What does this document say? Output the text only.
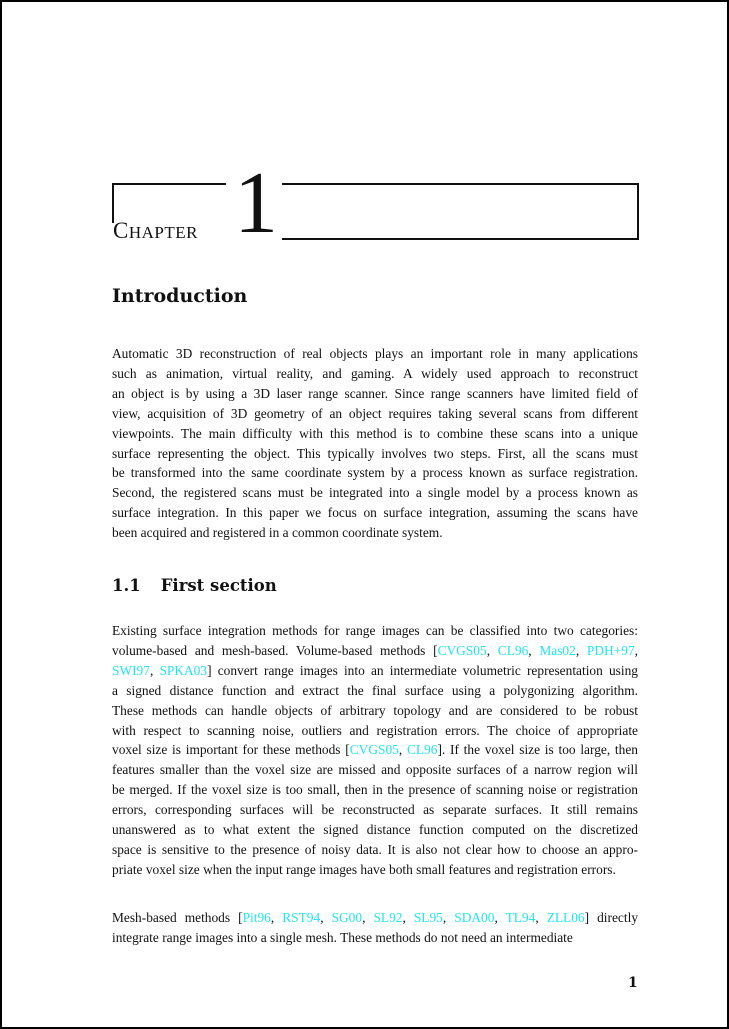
CHAPTER 1
Introduction
1.1 First section
Automatic 3D reconstruction of real objects plays an important role in many applications
such as animation, virtual reality, and gaming. A widely used approach to reconstruct
an object is by using a 3D laser range scanner. Since range scanners have limited field of
view, acquisition of 3D geometry of an object requires taking several scans from different
viewpoints. The main difficulty with this method is to combine these scans into a unique
surface representing the object. This typically involves two steps. First, all the scans must
be transformed into the same coordinate system by a process known as surface registration.
Second, the registered scans must be integrated into a single model by a process known as
surface integration. In this paper we focus on surface integration, assuming the scans have
been acquired and registered in a common coordinate system.
Existing surface integration methods for range images can be classified into two categories:
volume-based and mesh-based. Volume-based methods [CVGS05, CL96, Mas02, PDH+97,
SWI97, SPKA03] convert range images into an intermediate volumetric representation using
a signed distance function and extract the final surface using a polygonizing algorithm.
These methods can handle objects of arbitrary topology and are considered to be robust
with respect to scanning noise, outliers and registration errors. The choice of appropriate
voxel size is important for these methods [CVGS05, CL96]. If the voxel size is too large, then
features smaller than the voxel size are missed and opposite surfaces of a narrow region will
be merged. If the voxel size is too small, then in the presence of scanning noise or registration
errors, corresponding surfaces will be reconstructed as separate surfaces. It still remains
unanswered as to what extent the signed distance function computed on the discretized
space is sensitive to the presence of noisy data. It is also not clear how to choose an appro-
priate voxel size when the input range images have both small features and registration errors.
Mesh-based methods [Pit96, RST94, SG00, SL92, SL95, SDA00, TL94, ZLL06] directly
integrate range images into a single mesh. These methods do not need an intermediate
1
